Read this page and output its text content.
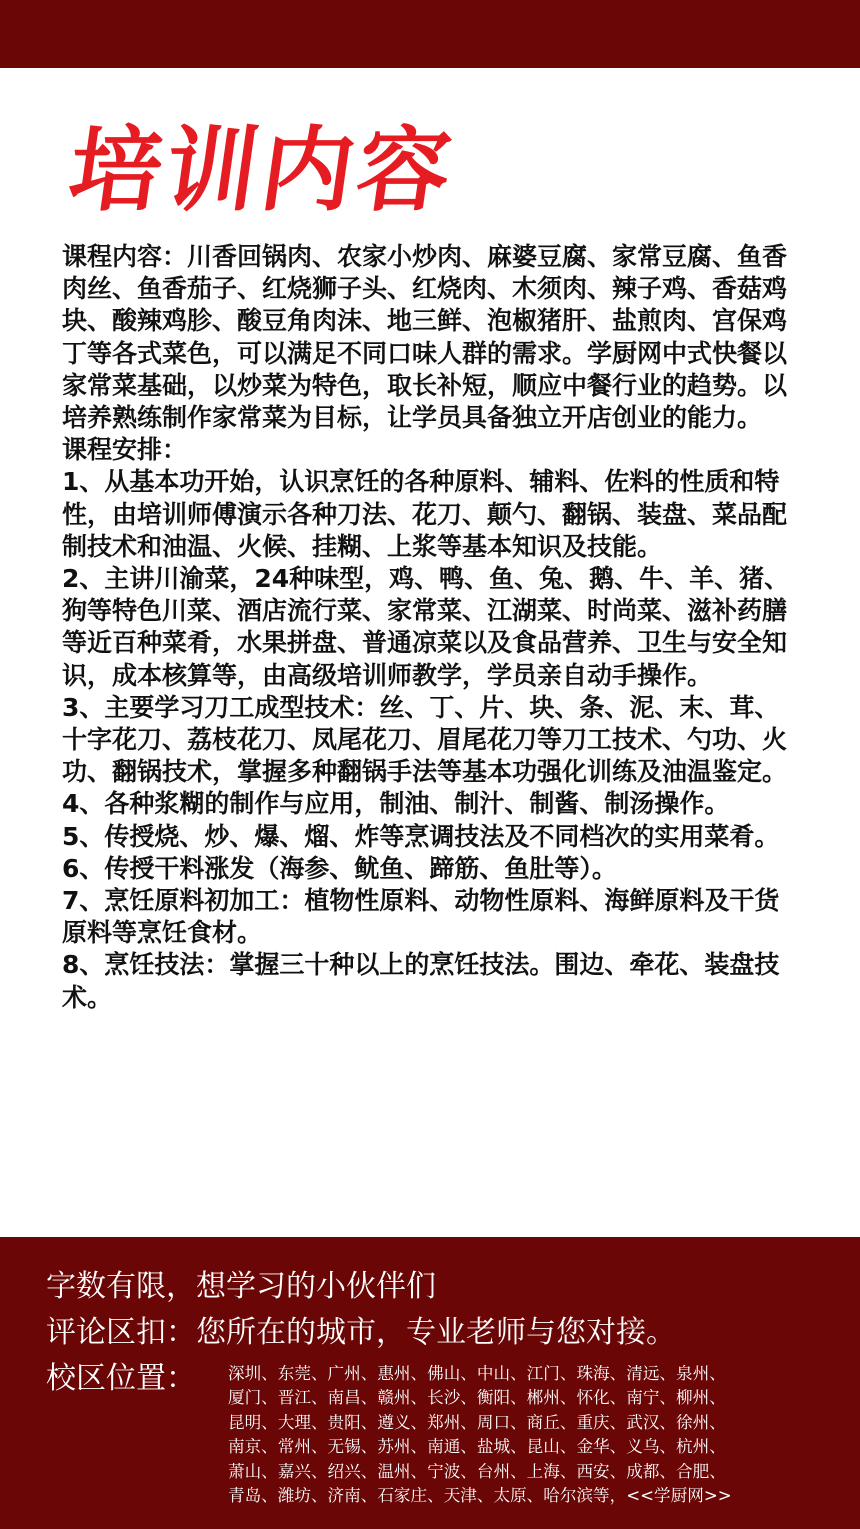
培训内容

课程内容：川香回锅肉、农家小炒肉、麻婆豆腐、家常豆腐、鱼香肉丝、鱼香茄子、红烧狮子头、红烧肉、木须肉、辣子鸡、香菇鸡块、酸辣鸡胗、酸豆角肉沫、地三鲜、泡椒猪肝、盐煎肉、宫保鸡丁等各式菜色，可以满足不同口味人群的需求。学厨网中式快餐以家常菜基础，以炒菜为特色，取长补短，顺应中餐行业的趋势。以培养熟练制作家常菜为目标，让学员具备独立开店创业的能力。

课程安排：

1、从基本功开始，认识烹饪的各种原料、辅料、佐料的性质和特性，由培训师傅演示各种刀法、花刀、颠勺、翻锅、装盘、菜品配制技术和油温、火候、挂糊、上浆等基本知识及技能。

2、主讲川渝菜，24种味型，鸡、鸭、鱼、兔、鹅、牛、羊、猪、狗等特色川菜、酒店流行菜、家常菜、江湖菜、时尚菜、滋补药膳等近百种菜肴，水果拼盘、普通凉菜以及食品营养、卫生与安全知识，成本核算等，由高级培训师教学，学员亲自动手操作。

3、主要学习刀工成型技术：丝、丁、片、块、条、泥、末、茸、十字花刀、荔枝花刀、凤尾花刀、眉尾花刀等刀工技术、勺功、火功、翻锅技术，掌握多种翻锅手法等基本功强化训练及油温鉴定。

4、各种浆糊的制作与应用，制油、制汁、制酱、制汤操作。

5、传授烧、炒、爆、熘、炸等烹调技法及不同档次的实用菜肴。

6、传授干料涨发（海参、鱿鱼、蹄筋、鱼肚等）。

7、烹饪原料初加工：植物性原料、动物性原料、海鲜原料及干货原料等烹饪食材。

8、烹饪技法：掌握三十种以上的烹饪技法。围边、牵花、装盘技术。

字数有限，想学习的小伙伴们
评论区扣：您所在的城市，专业老师与您对接。
校区位置： 深圳、东莞、广州、惠州、佛山、中山、江门、珠海、清远、泉州、
厦门、晋江、南昌、赣州、长沙、衡阳、郴州、怀化、南宁、柳州、
昆明、大理、贵阳、遵义、郑州、周口、商丘、重庆、武汉、徐州、
南京、常州、无锡、苏州、南通、盐城、昆山、金华、义乌、杭州、
萧山、嘉兴、绍兴、温州、宁波、台州、上海、西安、成都、合肥、
青岛、潍坊、济南、石家庄、天津、太原、哈尔滨等，<<学厨网>>
